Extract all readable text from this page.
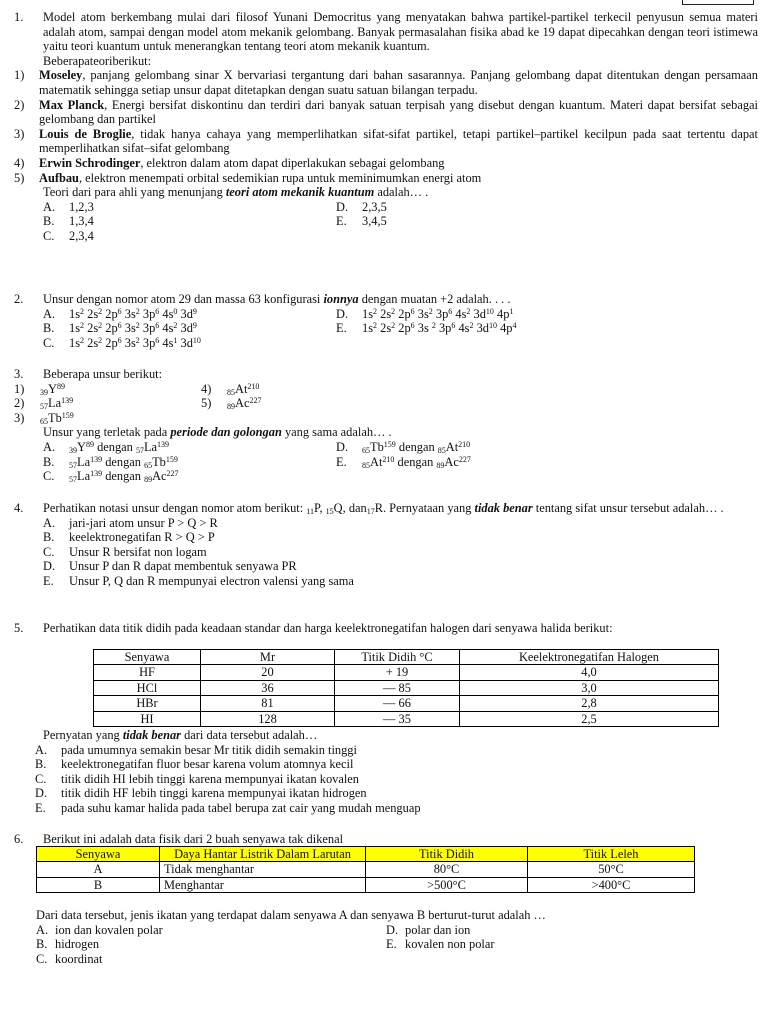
1.	Model atom berkembang mulai dari filosof Yunani Democritus yang menyatakan bahwa partikel-partikel terkecil penyusun semua materi adalah atom, sampai dengan model atom mekanik gelombang. Banyak permasalahan fisika abad ke 19 dapat dipecahkan dengan teori istimewa yaitu teori kuantum untuk menerangkan tentang teori atom mekanik kuantum.
Beberapateoriberikut:
1) Moseley, panjang gelombang sinar X bervariasi tergantung dari bahan sasarannya. Panjang gelombang dapat ditentukan dengan persamaan matematik sehingga setiap unsur dapat ditetapkan dengan suatu satuan bilangan terpadu.
2) Max Planck, Energi bersifat diskontinu dan terdiri dari banyak satuan terpisah yang disebut dengan kuantum. Materi dapat bersifat sebagai gelombang dan partikel
3) Louis de Broglie, tidak hanya cahaya yang memperlihatkan sifat-sifat partikel, tetapi partikel–partikel kecilpun pada saat tertentu dapat memperlihatkan sifat–sifat gelombang
4) Erwin Schrodinger, elektron dalam atom dapat diperlakukan sebagai gelombang
5) Aufbau, elektron menempati orbital sedemikian rupa untuk meminimumkan energi atom
Teori dari para ahli yang menunjang teori atom mekanik kuantum adalah… .
A.	1,2,3	D.	2,3,5
B.	1,3,4	E.	3,4,5
C.	2,3,4
2.	Unsur dengan nomor atom 29 dan massa 63 konfigurasi ionnya dengan muatan +2 adalah. . . .
A.	$1s^2$ $2s^2$ $2p^6$ $3s^2$ $3p^6$ $4s^0$ $3d^9$	D.	$1s^2$ $2s^2$ $2p^6$ $3s^2$ $3p^6$ $4s^2$ $3d^{10}$ $4p^1$
B.	$1s^2$ $2s^2$ $2p^6$ $3s^2$ $3p^6$ $4s^2$ $3d^9$	E.	$1s^2$ $2s^2$ $2p^6$ 3s $^2$ $3p^6$ $4s^2$ $3d^{10}$ $4p^4$
C.	$1s^2$ $2s^2$ $2p^6$ $3s^2$ $3p^6$ $4s^1$ $3d^{10}$
3.	Beberapa unsur berikut:
1)	$_{39}Y^{89}$	4)	$_{85}At^{210}$
2)	$_{57}La^{139}$	5)	$_{89}Ac^{227}$
3)	$_{65}Tb^{159}$
Unsur yang terletak pada periode dan golongan yang sama adalah… .
A.	$_{39}Y^{89}$ dengan $_{57}La^{139}$	D.	$_{65}Tb^{159}$ dengan $_{85}At^{210}$
B.	$_{57}La^{139}$ dengan $_{65}Tb^{159}$	E.	$_{85}At^{210}$ dengan $_{89}Ac^{227}$
C.	$_{57}La^{139}$ dengan $_{89}Ac^{227}$
4.	Perhatikan notasi unsur dengan nomor atom berikut: $_{11}$P, $_{15}$Q, dan$_{17}$R. Pernyataan yang tidak benar tentang sifat unsur tersebut adalah… .
A.	jari-jari atom unsur P > Q > R
B.	keelektronegatifan R > Q > P
C.	Unsur R bersifat non logam
D.	Unsur P dan R dapat membentuk senyawa PR
E.	Unsur P, Q dan R mempunyai electron valensi yang sama
5.	Perhatikan data titik didih pada keadaan standar dan harga keelektronegatifan halogen dari senyawa halida berikut:
Senyawa	Mr	Titik Didih °C	Keelektronegatifan Halogen
HF	20	+ 19	4,0
HCl	36	— 85	3,0
HBr	81	— 66	2,8
HI	128	— 35	2,5
Pernyatan yang tidak benar dari data tersebut adalah…
A.	pada umumnya semakin besar Mr titik didih semakin tinggi
B.	keelektronegatifan fluor besar karena volum atomnya kecil
C.	titik didih HI lebih tinggi karena mempunyai ikatan kovalen
D.	titik didih HF lebih tinggi karena mempunyai ikatan hidrogen
E.	pada suhu kamar halida pada tabel berupa zat cair yang mudah menguap
6.	Berikut ini adalah data fisik dari 2 buah senyawa tak dikenal
Senyawa	Daya Hantar Listrik Dalam Larutan	Titik Didih	Titik Leleh
A	Tidak menghantar	80°C	50°C
B	Menghantar	>500°C	>400°C
Dari data tersebut, jenis ikatan yang terdapat dalam senyawa A dan senyawa B berturut-turut adalah …
A. ion dan kovalen polar	D. polar dan ion
B. hidrogen	E. kovalen non polar
C. koordinat
